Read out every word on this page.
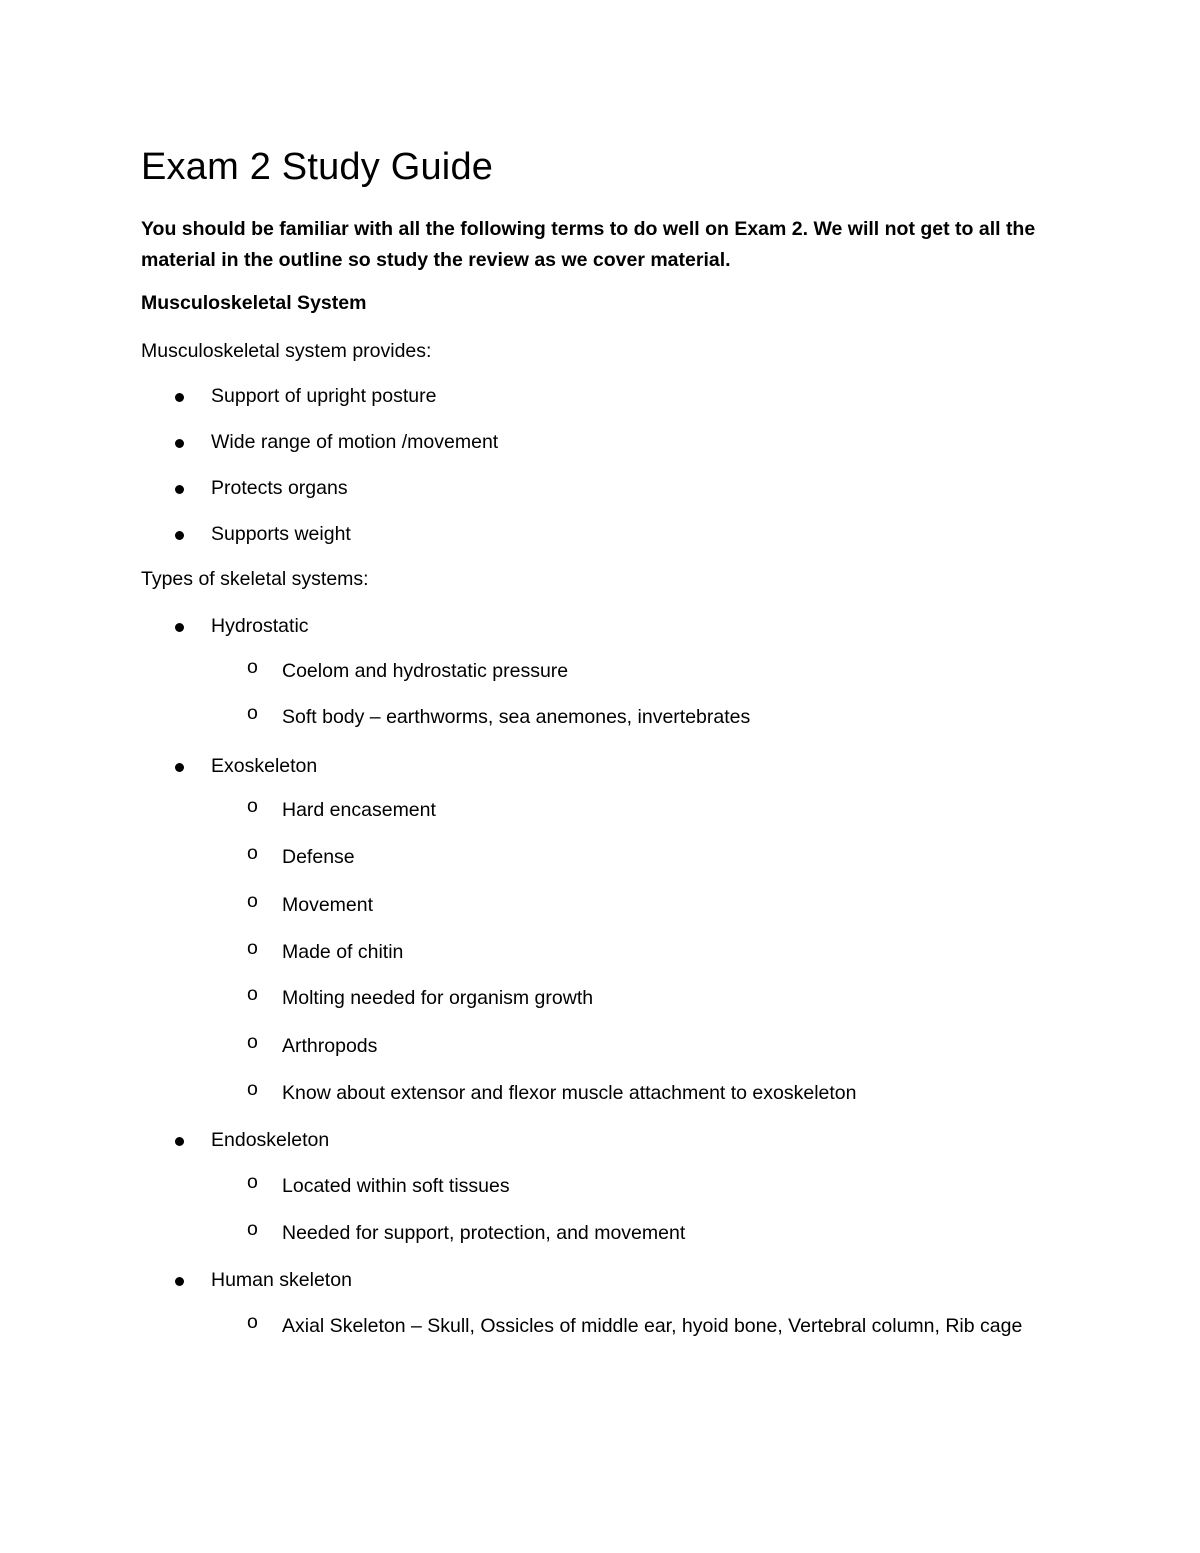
Exam 2 Study Guide

You should be familiar with all the following terms to do well on Exam 2. We will not get to all the material in the outline so study the review as we cover material.

Musculoskeletal System

Musculoskeletal system provides:

Support of upright posture
Wide range of motion /movement
Protects organs
Supports weight

Types of skeletal systems:

Hydrostatic
o Coelom and hydrostatic pressure
o Soft body – earthworms, sea anemones, invertebrates
Exoskeleton
o Hard encasement
o Defense
o Movement
o Made of chitin
o Molting needed for organism growth
o Arthropods
o Know about extensor and flexor muscle attachment to exoskeleton
Endoskeleton
o Located within soft tissues
o Needed for support, protection, and movement
Human skeleton
o Axial Skeleton – Skull, Ossicles of middle ear, hyoid bone, Vertebral column, Rib cage
